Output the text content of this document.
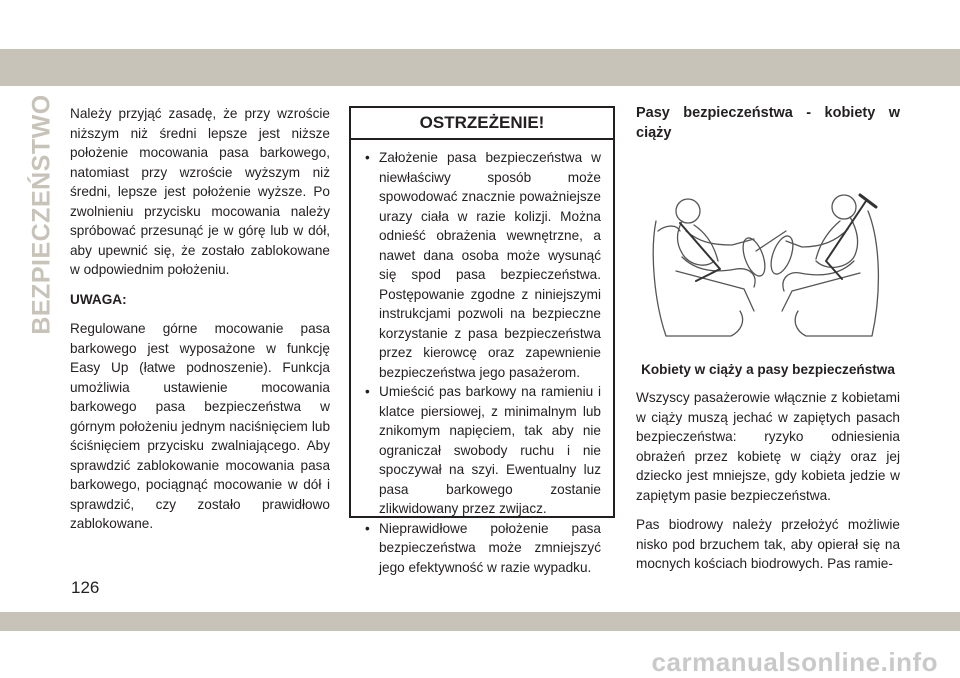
BEZPIECZEŃSTWO Należy przyjąć zasadę, że przy wzroście niższym niż średni lepsze jest niższe położenie mocowania pasa barkowego, natomiast przy wzroście wyższym niż średni, lepsze jest położenie wyższe. Po zwolnieniu przycisku mocowania należy spróbować przesunąć je w górę lub w dół, aby upewnić się, że zostało zablokowane w odpowiednim położeniu.

UWAGA:

Regulowane górne mocowanie pasa barkowego jest wyposażone w funkcję Easy Up (łatwe podnoszenie). Funkcja umożliwia ustawienie mocowania barkowego pasa bezpieczeństwa w górnym położeniu jednym naciśnięciem lub ściśnięciem przycisku zwalniającego. Aby sprawdzić zablokowanie mocowania pasa barkowego, pociągnąć mocowanie w dół i sprawdzić, czy zostało prawidłowo zablokowane.

OSTRZEŻENIE!
• Założenie pasa bezpieczeństwa w niewłaściwy sposób może spowodować znacznie poważniejsze urazy ciała w razie kolizji. Można odnieść obrażenia wewnętrzne, a nawet dana osoba może wysunąć się spod pasa bezpieczeństwa. Postępowanie zgodne z niniejszymi instrukcjami pozwoli na bezpieczne korzystanie z pasa bezpieczeństwa przez kierowcę oraz zapewnienie bezpieczeństwa jego pasażerom.
• Umieścić pas barkowy na ramieniu i klatce piersiowej, z minimalnym lub znikomym napięciem, tak aby nie ograniczał swobody ruchu i nie spoczywał na szyi. Ewentualny luz pasa barkowego zostanie zlikwidowany przez zwijacz.
• Nieprawidłowe położenie pasa bezpieczeństwa może zmniejszyć jego efektywność w razie wypadku.

Pasy bezpieczeństwa - kobiety w ciąży

Kobiety w ciąży a pasy bezpieczeństwa

Wszyscy pasażerowie włącznie z kobietami w ciąży muszą jechać w zapiętych pasach bezpieczeństwa: ryzyko odniesienia obrażeń przez kobietę w ciąży oraz jej dziecko jest mniejsze, gdy kobieta jedzie w zapiętym pasie bezpieczeństwa.

Pas biodrowy należy przełożyć możliwie nisko pod brzuchem tak, aby opierał się na mocnych kościach biodrowych. Pas ramie-

126
carmanualsonline.info
